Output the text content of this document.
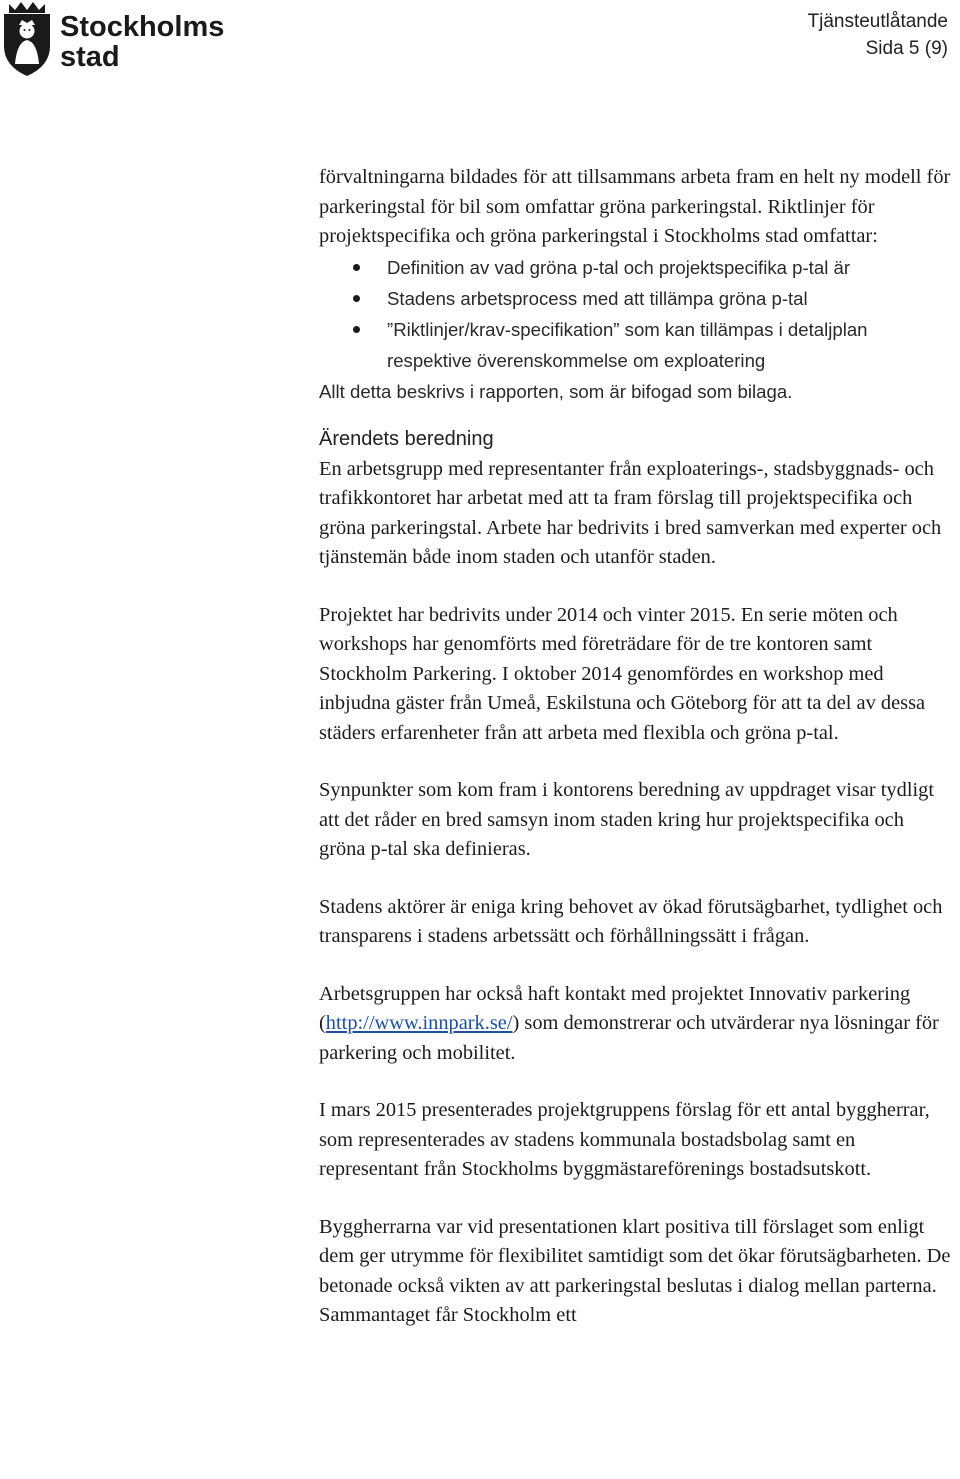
Stockholms
stad
Tjänsteutlåtande
Sida 5 (9)

förvaltningarna bildades för att tillsammans arbeta fram en helt ny modell för parkeringstal för bil som omfattar gröna parkeringstal. Riktlinjer för projektspecifika och gröna parkeringstal i Stockholms stad omfattar:

Definition av vad gröna p-tal och projektspecifika p-tal är
Stadens arbetsprocess med att tillämpa gröna p-tal
”Riktlinjer/krav-specifikation” som kan tillämpas i detaljplan respektive överenskommelse om exploatering

Allt detta beskrivs i rapporten, som är bifogad som bilaga.

Ärendets beredning

En arbetsgrupp med representanter från exploaterings-, stadsbyggnads- och trafikkontoret har arbetat med att ta fram förslag till projektspecifika och gröna parkeringstal. Arbete har bedrivits i bred samverkan med experter och tjänstemän både inom staden och utanför staden.

Projektet har bedrivits under 2014 och vinter 2015. En serie möten och workshops har genomförts med företrädare för de tre kontoren samt Stockholm Parkering. I oktober 2014 genomfördes en workshop med inbjudna gäster från Umeå, Eskilstuna och Göteborg för att ta del av dessa städers erfarenheter från att arbeta med flexibla och gröna p-tal.

Synpunkter som kom fram i kontorens beredning av uppdraget visar tydligt att det råder en bred samsyn inom staden kring hur projektspecifika och gröna p-tal ska definieras.

Stadens aktörer är eniga kring behovet av ökad förutsägbarhet, tydlighet och transparens i stadens arbetssätt och förhållningssätt i frågan.

Arbetsgruppen har också haft kontakt med projektet Innovativ parkering (http://www.innpark.se/) som demonstrerar och utvärderar nya lösningar för parkering och mobilitet.

I mars 2015 presenterades projektgruppens förslag för ett antal byggherrar, som representerades av stadens kommunala bostadsbolag samt en representant från Stockholms byggmästareförenings bostadsutskott.

Byggherrarna var vid presentationen klart positiva till förslaget som enligt dem ger utrymme för flexibilitet samtidigt som det ökar förutsägbarheten. De betonade också vikten av att parkeringstal beslutas i dialog mellan parterna. Sammantaget får Stockholm ett
